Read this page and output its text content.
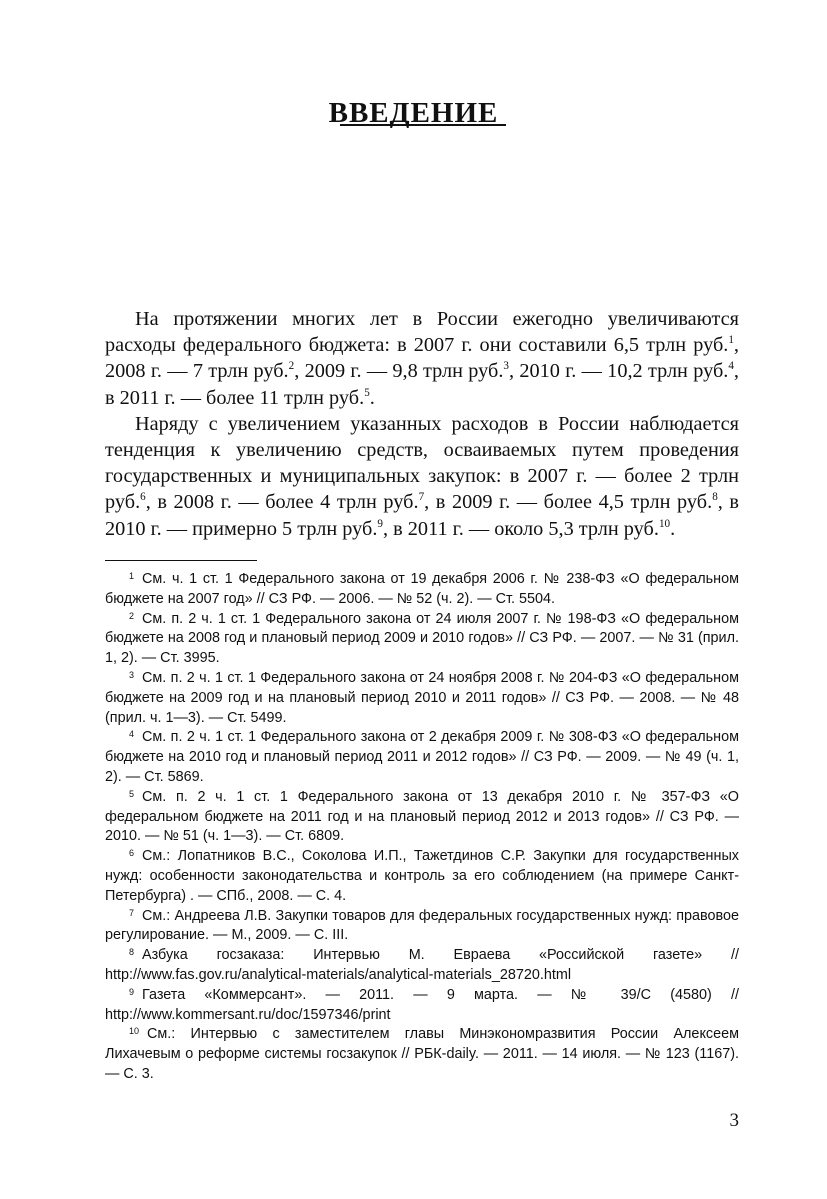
ВВЕДЕНИЕ

На протяжении многих лет в России ежегодно увеличиваются расходы федерального бюджета: в 2007 г. они составили 6,5 трлн руб.$^1$, 2008 г. — 7 трлн руб.$^2$, 2009 г. — 9,8 трлн руб.$^3$, 2010 г. — 10,2 трлн руб.$^4$, в 2011 г. — более 11 трлн руб.$^5$.

Наряду с увеличением указанных расходов в России наблюдается тенденция к увеличению средств, осваиваемых путем проведения государственных и муниципальных закупок: в 2007 г. — более 2 трлн руб.$^6$, в 2008 г. — более 4 трлн руб.$^7$, в 2009 г. — более 4,5 трлн руб.$^8$, в 2010 г. — примерно 5 трлн руб.$^9$, в 2011 г. — около 5,3 трлн руб.$^{10}$.

$^1$ См. ч. 1 ст. 1 Федерального закона от 19 декабря 2006 г. № 238-ФЗ «О федеральном бюджете на 2007 год» // СЗ РФ. — 2006. — № 52 (ч. 2). — Ст. 5504.

$^2$ См. п. 2 ч. 1 ст. 1 Федерального закона от 24 июля 2007 г. № 198-ФЗ «О федеральном бюджете на 2008 год и плановый период 2009 и 2010 годов» // СЗ РФ. — 2007. — № 31 (прил. 1, 2). — Ст. 3995.

$^3$ См. п. 2 ч. 1 ст. 1 Федерального закона от 24 ноября 2008 г. № 204-ФЗ «О федеральном бюджете на 2009 год и на плановый период 2010 и 2011 годов» // СЗ РФ. — 2008. — № 48 (прил. ч. 1—3). — Ст. 5499.

$^4$ См. п. 2 ч. 1 ст. 1 Федерального закона от 2 декабря 2009 г. № 308-ФЗ «О федеральном бюджете на 2010 год и плановый период 2011 и 2012 годов» // СЗ РФ. — 2009. — № 49 (ч. 1, 2). — Ст. 5869.

$^5$ См. п. 2 ч. 1 ст. 1 Федерального закона от 13 декабря 2010 г. № 357-ФЗ «О федеральном бюджете на 2011 год и на плановый период 2012 и 2013 годов» // СЗ РФ. — 2010. — № 51 (ч. 1—3). — Ст. 6809.

$^6$ См.: Лопатников В.С., Соколова И.П., Тажетдинов С.Р. Закупки для государственных нужд: особенности законодательства и контроль за его соблюдением (на примере Санкт-Петербурга) . — СПб., 2008. — С. 4.

$^7$ См.: Андреева Л.В. Закупки товаров для федеральных государственных нужд: правовое регулирование. — М., 2009. — С. III.

$^8$ Азбука госзаказа: Интервью М. Евраева «Российской газете» // http://www.fas.gov.ru/analytical-materials/analytical-materials_28720.html

$^9$ Газета «Коммерсант». — 2011. — 9 марта. — № 39/С (4580) // http://www.kommersant.ru/doc/1597346/print

$^{10}$ См.: Интервью с заместителем главы Минэкономразвития России Алексеем Лихачевым о реформе системы госзакупок // РБК-daily. — 2011. — 14 июля. — № 123 (1167). — С. 3.

3
